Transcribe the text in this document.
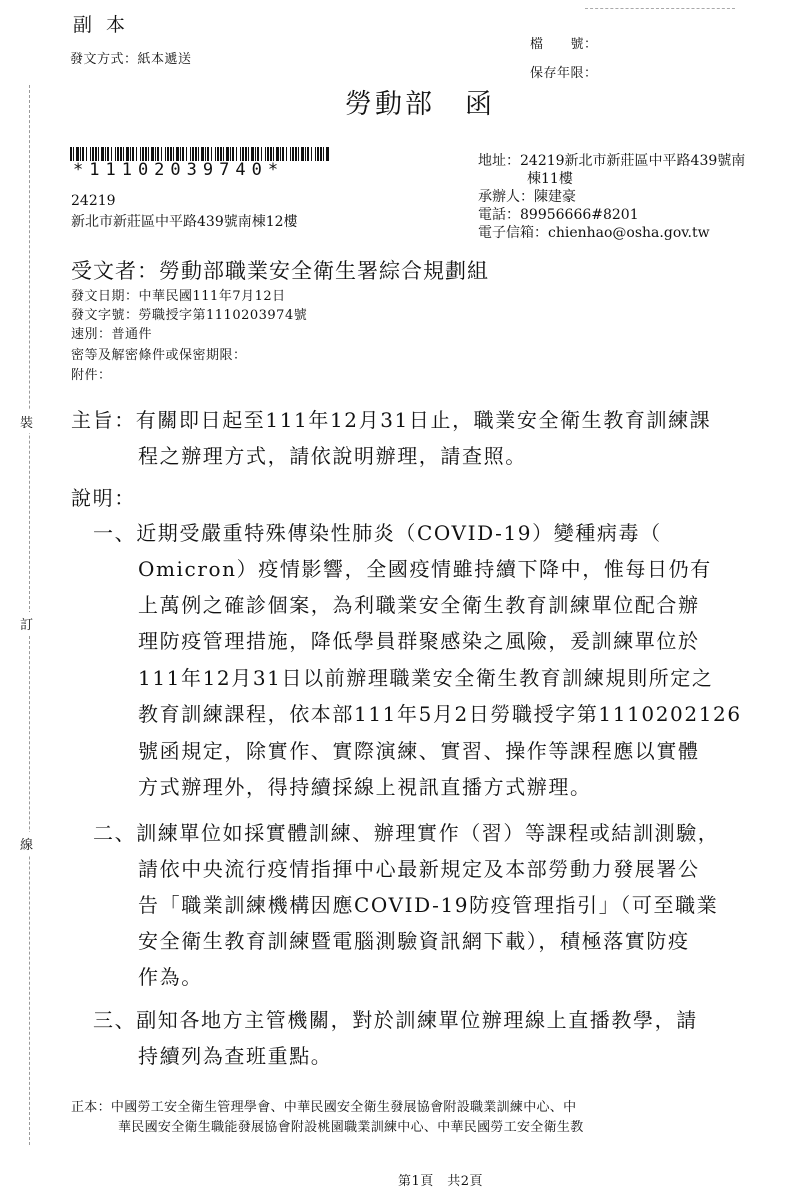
裝
訂
線
副 本
發文方式：紙本遞送
檔　　號：
保存年限：
勞動部　函
*11102039740*	地址：24219新北市新莊區中平路439號南
棟11樓
承辦人：陳建豪
電話：89956666#8201
電子信箱：chienhao@osha.gov.tw
24219
新北市新莊區中平路439號南棟12樓
受文者：勞動部職業安全衛生署綜合規劃組
發文日期：中華民國111年7月12日
發文字號：勞職授字第1110203974號
速別：普通件
密等及解密條件或保密期限：
附件：
主旨：有關即日起至111年12月31日止，職業安全衛生教育訓練課
程之辦理方式，請依說明辦理，請查照。
說明：
一、近期受嚴重特殊傳染性肺炎（COVID-19）變種病毒（
Omicron）疫情影響，全國疫情雖持續下降中，惟每日仍有
上萬例之確診個案，為利職業安全衛生教育訓練單位配合辦
理防疫管理措施，降低學員群聚感染之風險，爰訓練單位於
111年12月31日以前辦理職業安全衛生教育訓練規則所定之
教育訓練課程，依本部111年5月2日勞職授字第1110202126
號函規定，除實作、實際演練、實習、操作等課程應以實體
方式辦理外，得持續採線上視訊直播方式辦理。
二、訓練單位如採實體訓練、辦理實作（習）等課程或結訓測驗，
請依中央流行疫情指揮中心最新規定及本部勞動力發展署公
告「職業訓練機構因應COVID-19防疫管理指引」（可至職業
安全衛生教育訓練暨電腦測驗資訊網下載），積極落實防疫
作為。
三、副知各地方主管機關，對於訓練單位辦理線上直播教學，請
持續列為查班重點。
正本：中國勞工安全衛生管理學會、中華民國安全衛生發展協會附設職業訓練中心、中
華民國安全衛生職能發展協會附設桃園職業訓練中心、中華民國勞工安全衛生教
第1頁　共2頁
